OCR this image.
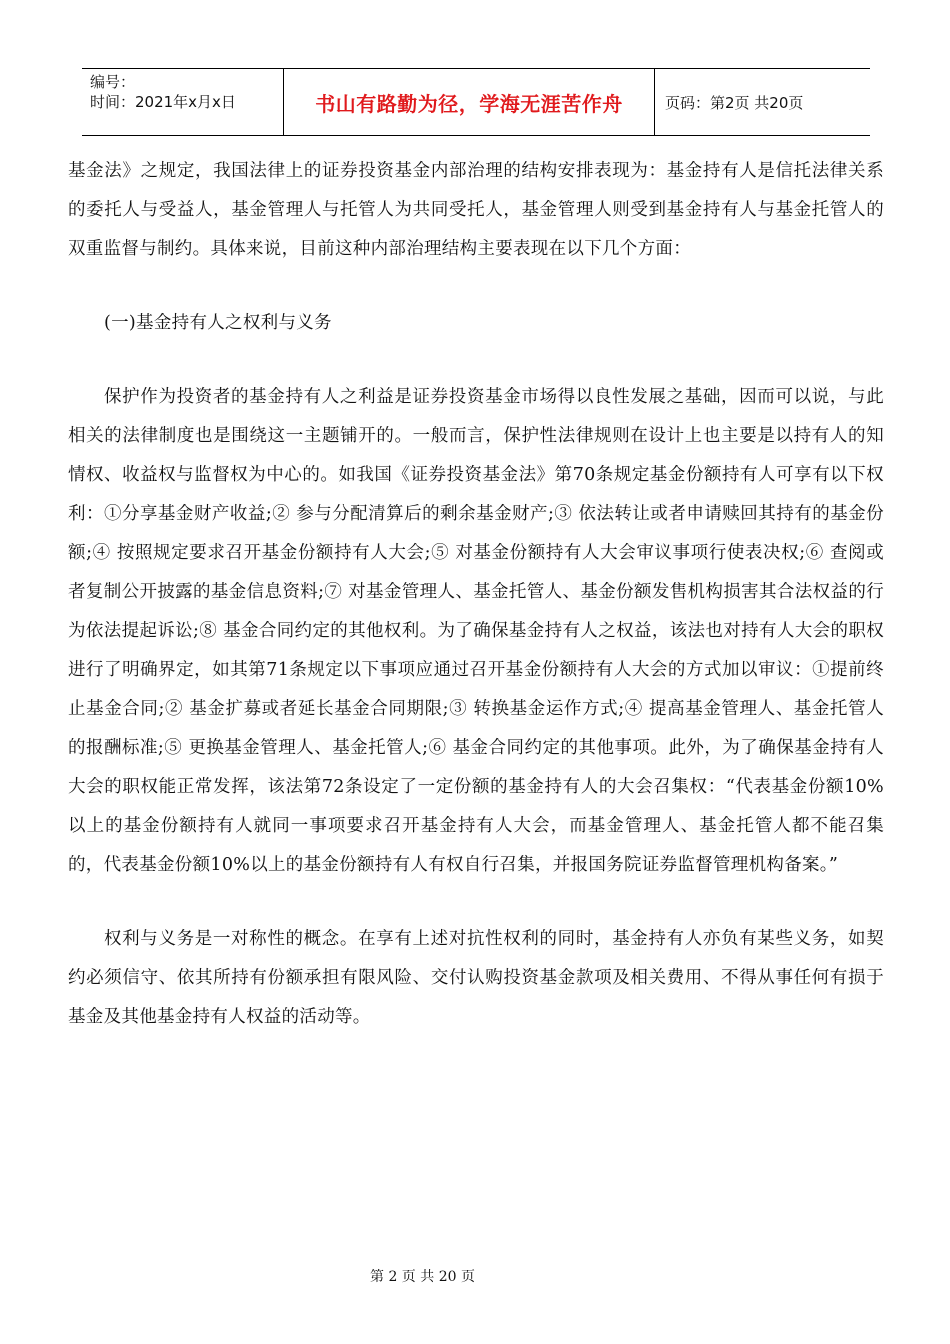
编号：
时间：2021年x月x日	书山有路勤为径，学海无涯苦作舟	页码：第2页 共20页

基金法》之规定，我国法律上的证券投资基金内部治理的结构安排表现为：基金持有人是信托法律关系的委托人与受益人，基金管理人与托管人为共同受托人，基金管理人则受到基金持有人与基金托管人的双重监督与制约。具体来说，目前这种内部治理结构主要表现在以下几个方面：

(一)基金持有人之权利与义务

保护作为投资者的基金持有人之利益是证券投资基金市场得以良性发展之基础，因而可以说，与此相关的法律制度也是围绕这一主题铺开的。一般而言，保护性法律规则在设计上也主要是以持有人的知情权、收益权与监督权为中心的。如我国《证券投资基金法》第70条规定基金份额持有人可享有以下权利：①分享基金财产收益;② 参与分配清算后的剩余基金财产;③ 依法转让或者申请赎回其持有的基金份额;④ 按照规定要求召开基金份额持有人大会;⑤ 对基金份额持有人大会审议事项行使表决权;⑥ 查阅或者复制公开披露的基金信息资料;⑦ 对基金管理人、基金托管人、基金份额发售机构损害其合法权益的行为依法提起诉讼;⑧ 基金合同约定的其他权利。为了确保基金持有人之权益，该法也对持有人大会的职权进行了明确界定，如其第71条规定以下事项应通过召开基金份额持有人大会的方式加以审议：①提前终止基金合同;② 基金扩募或者延长基金合同期限;③ 转换基金运作方式;④ 提高基金管理人、基金托管人的报酬标准;⑤ 更换基金管理人、基金托管人;⑥ 基金合同约定的其他事项。此外，为了确保基金持有人大会的职权能正常发挥，该法第72条设定了一定份额的基金持有人的大会召集权：“代表基金份额10%以上的基金份额持有人就同一事项要求召开基金持有人大会，而基金管理人、基金托管人都不能召集的，代表基金份额10%以上的基金份额持有人有权自行召集，并报国务院证券监督管理机构备案。”

权利与义务是一对称性的概念。在享有上述对抗性权利的同时，基金持有人亦负有某些义务，如契约必须信守、依其所持有份额承担有限风险、交付认购投资基金款项及相关费用、不得从事任何有损于基金及其他基金持有人权益的活动等。

第 2 页 共 20 页
